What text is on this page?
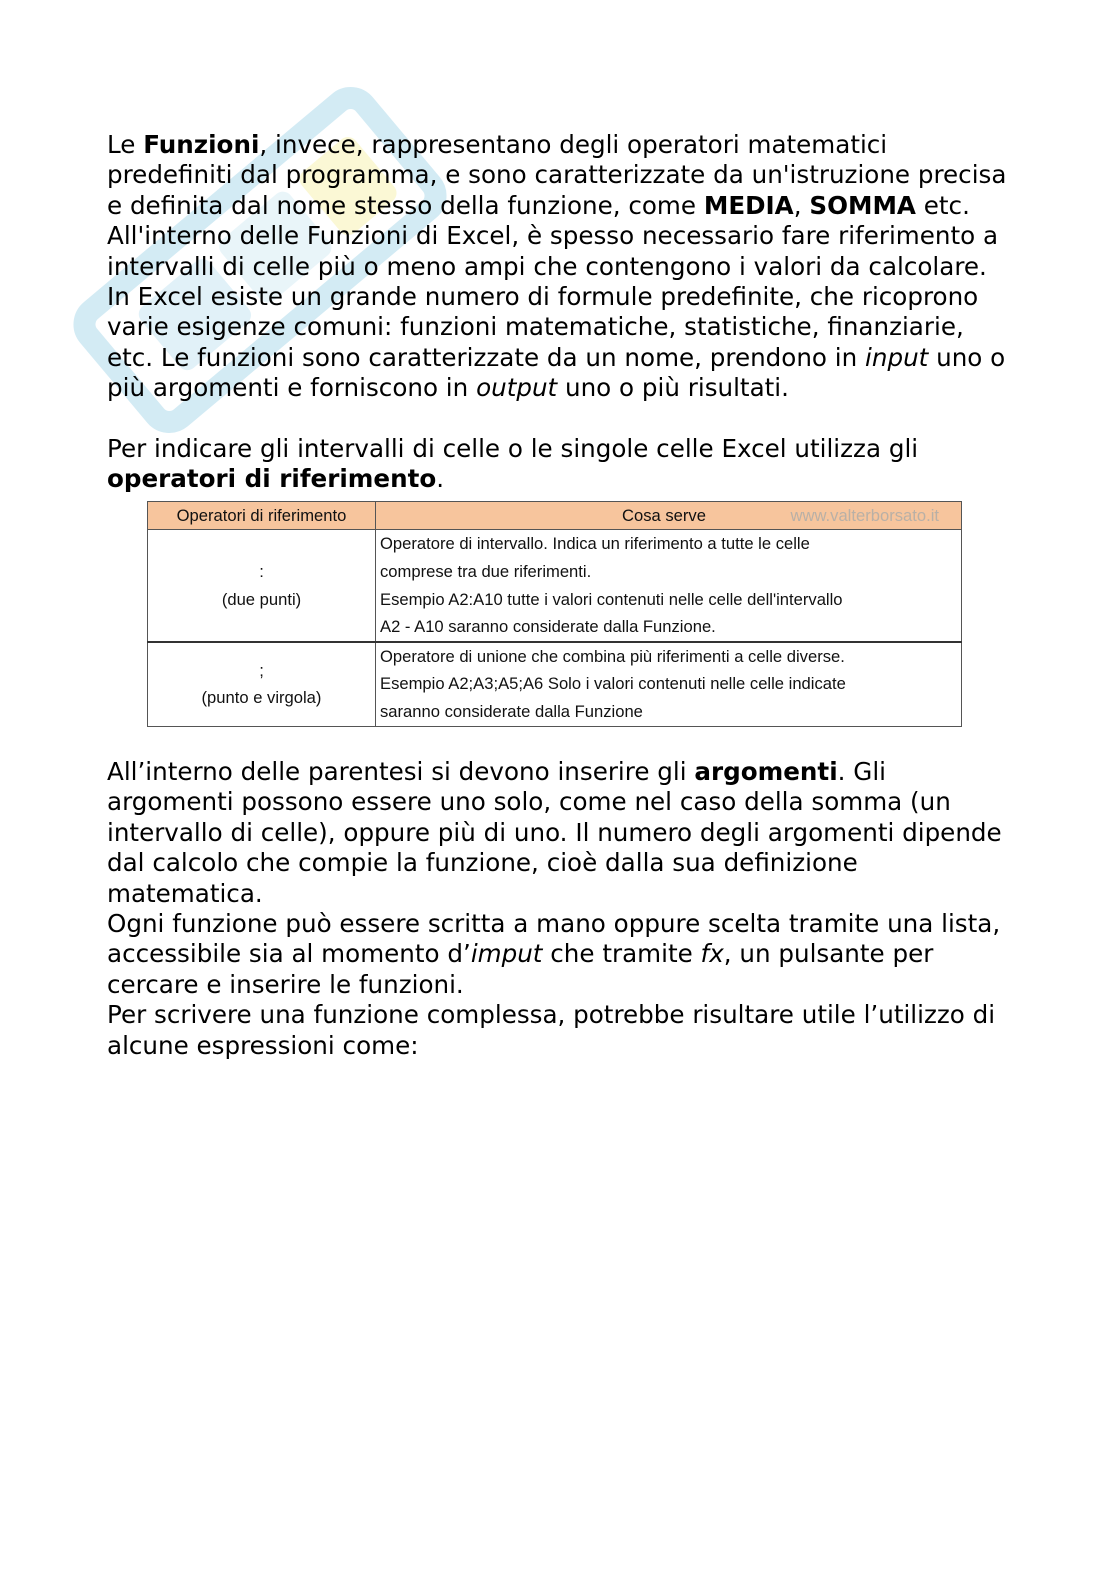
Le Funzioni, invece, rappresentano degli operatori matematici predefiniti dal programma, e sono caratterizzate da un'istruzione precisa e definita dal nome stesso della funzione, come MEDIA, SOMMA etc. All'interno delle Funzioni di Excel, è spesso necessario fare riferimento a intervalli di celle più o meno ampi che contengono i valori da calcolare. In Excel esiste un grande numero di formule predefinite, che ricoprono varie esigenze comuni: funzioni matematiche, statistiche, finanziarie, etc. Le funzioni sono caratterizzate da un nome, prendono in input uno o più argomenti e forniscono in output uno o più risultati.

Per indicare gli intervalli di celle o le singole celle Excel utilizza gli operatori di riferimento.

Operatori di riferimento	Cosa serve www.valterborsato.it

:
(due punti)	Operatore di intervallo. Indica un riferimento a tutte le celle
comprese tra due riferimenti.
Esempio A2:A10 tutte i valori contenuti nelle celle dell'intervallo
A2 - A10 saranno considerate dalla Funzione.

;
(punto e virgola)	Operatore di unione che combina più riferimenti a celle diverse.
Esempio A2;A3;A5;A6 Solo i valori contenuti nelle celle indicate
saranno considerate dalla Funzione

All’interno delle parentesi si devono inserire gli argomenti. Gli argomenti possono essere uno solo, come nel caso della somma (un intervallo di celle), oppure più di uno. Il numero degli argomenti dipende dal calcolo che compie la funzione, cioè dalla sua definizione matematica.

Ogni funzione può essere scritta a mano oppure scelta tramite una lista, accessibile sia al momento d’imput che tramite fx, un pulsante per cercare e inserire le funzioni.

Per scrivere una funzione complessa, potrebbe risultare utile l’utilizzo di alcune espressioni come:
